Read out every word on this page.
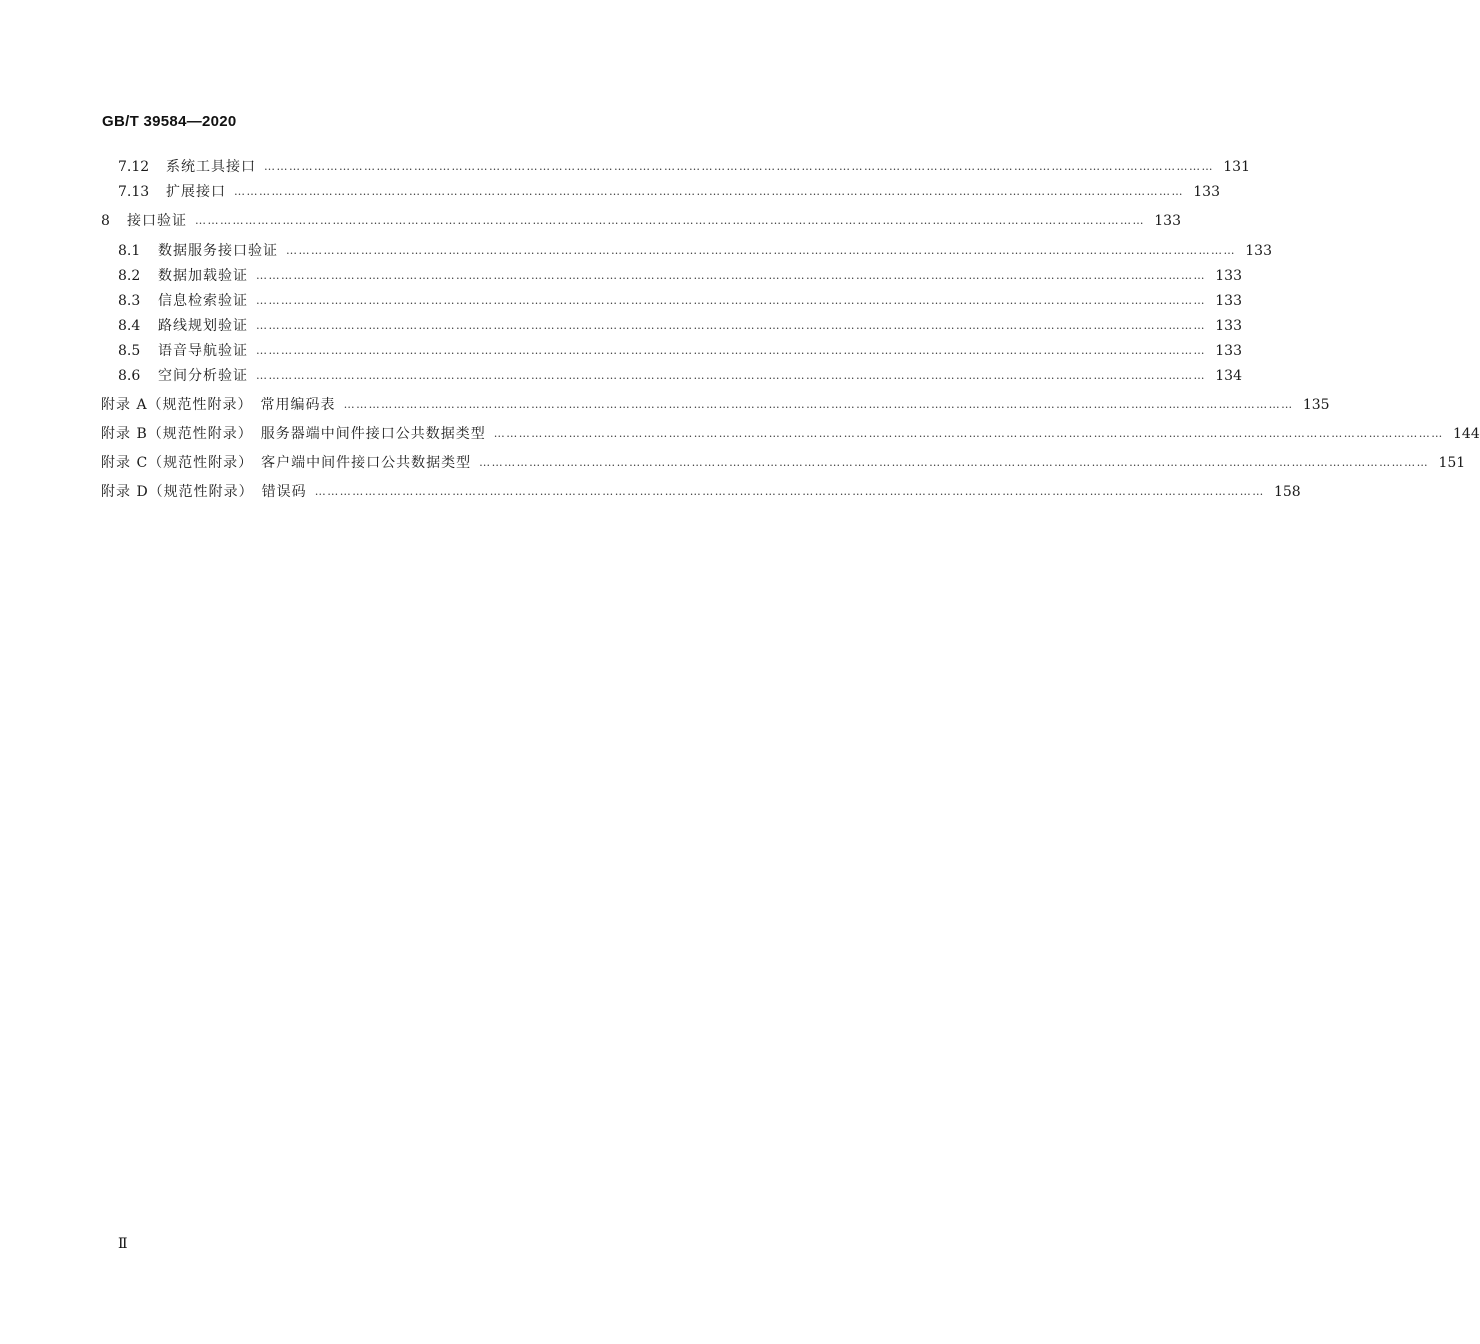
GB/T 39584—2020
7.12	系统工具接口 ………………………………………………………………………………………………………………………………………………………………………………………………………… 131
7.13	扩展接口 ………………………………………………………………………………………………………………………………………………………………………………………………………… 133
8	接口验证 ………………………………………………………………………………………………………………………………………………………………………………………………………… 133
8.1	数据服务接口验证 ………………………………………………………………………………………………………………………………………………………………………………………………………… 133
8.2	数据加载验证 ………………………………………………………………………………………………………………………………………………………………………………………………………… 133
8.3	信息检索验证 ………………………………………………………………………………………………………………………………………………………………………………………………………… 133
8.4	路线规划验证 ………………………………………………………………………………………………………………………………………………………………………………………………………… 133
8.5	语音导航验证 ………………………………………………………………………………………………………………………………………………………………………………………………………… 133
8.6	空间分析验证 ………………………………………………………………………………………………………………………………………………………………………………………………………… 134
附录 A（规范性附录）　常用编码表 ………………………………………………………………………………………………………………………………………………………………………………………………………… 135
附录 B（规范性附录）　服务器端中间件接口公共数据类型 ………………………………………………………………………………………………………………………………………………………………………………………………………… 144
附录 C（规范性附录）　客户端中间件接口公共数据类型 ………………………………………………………………………………………………………………………………………………………………………………………………………… 151
附录 D（规范性附录）　错误码 ………………………………………………………………………………………………………………………………………………………………………………………………………… 158
Ⅱ
